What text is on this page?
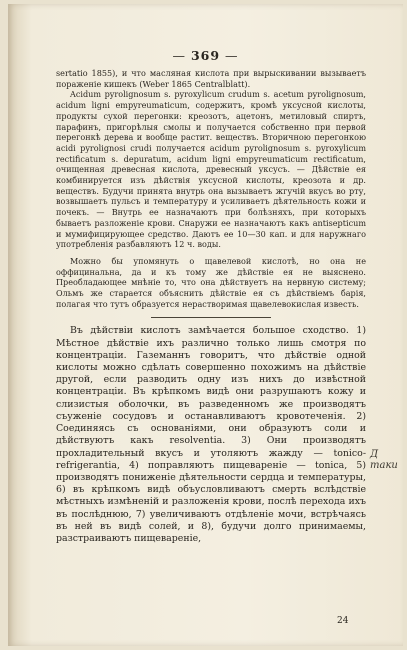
— 369 —

sertatio 1855), и что масляная кислота при вырыскивании вызываетъ пораженіе кишекъ (Weber 1865 Centralblatt).

Acidum pyrolignosum s. pyroxylicum crudum s. acetum pyrolignosum, acidum ligni empyreumaticum, содержитъ, кромѣ уксусной кислоты, продукты сухой перегонки: креозотъ, ацетонъ, метиловый спиртъ, парафинъ, пригорѣлыя смолы и получается собственно при первой перегонкѣ дерева и вообще растит. веществъ. Вторичною перегонкою acidi pyrolignosi crudi получается acidum pyrolignosum s. pyroxylicum rectificatum s. depuratum, acidum ligni empyreumaticum rectificatum, очищенная древесная кислота, древесный уксусъ. — Дѣйствіе ея комбинируется изъ дѣйствія уксусной кислоты, креозота и др. веществъ. Будучи принята внутрь она вызываетъ жгучій вкусъ во рту, возвышаетъ пульсъ и температуру и усиливаетъ дѣятельность кожи и почекъ. — Внутрь ее назначаютъ при болѣзняхъ, при которыхъ бываетъ разложеніе крови. Снаружи ее назначаютъ какъ antisepticum и мумифицирующее средство. Даютъ ее 10—30 кап. и для наружнаго употребленія разбавляютъ 12 ч. воды.

Можно бы упомянуть о щавелевой кислотѣ, но она не оффицинальна, да и къ тому же дѣйствіе ея не выяснено. Преобладающее мнѣніе то, что она дѣйствуетъ на нервную систему; Ольмъ же старается объяснить дѣйствіе ея съ дѣйствіемъ барія, полагая что тутъ образуется нерастворимая щавелевокислая известь.

Въ дѣйствіи кислотъ замѣчается большое сходство. 1) Мѣстное дѣйствіе ихъ различно только лишь смотря по концентраціи. Газеманнъ говоритъ, что дѣйствіе одной кислоты можно сдѣлать совершенно похожимъ на дѣйствіе другой, если разводить одну изъ нихъ до извѣстной концентраціи. Въ крѣпкомъ видѣ они разрушаютъ кожу и слизистыя оболочки, въ разведенномъ же производятъ съуженіе сосудовъ и останавливаютъ кровотеченія. 2) Соединяясь съ основаніями, они образуютъ соли и дѣйствуютъ какъ resolventia. 3) Они производятъ прохладительный вкусъ и утоляютъ жажду — tonico-refrigerantia, 4) поправляютъ пищевареніе — tonica, 5) производятъ пониженіе дѣятельности сердца и температуры, 6) въ крѣпкомъ видѣ объусловливаютъ смерть вслѣдствіе мѣстныхъ измѣненій и разложенія крови, послѣ перехода ихъ въ послѣднюю, 7) увеличиваютъ отдѣленіе мочи, встрѣчаясь въ ней въ видѣ солей, и 8), будучи долго принимаемы, разстраиваютъ пищевареніе,

Д таки
24
